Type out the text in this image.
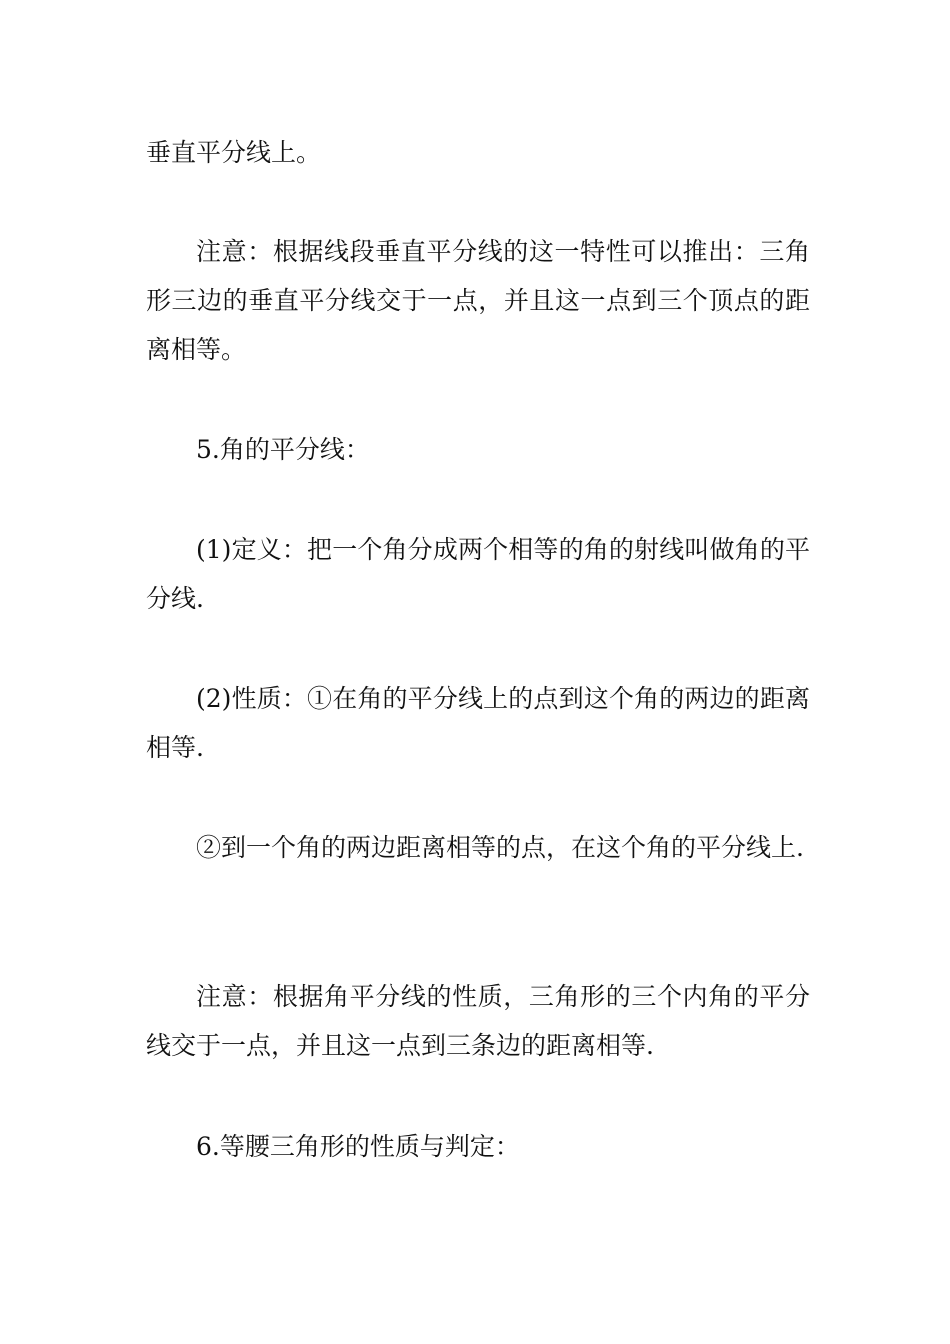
垂直平分线上。

注意：根据线段垂直平分线的这一特性可以推出：三角形三边的垂直平分线交于一点，并且这一点到三个顶点的距离相等。

5.角的平分线：

(1)定义：把一个角分成两个相等的角的射线叫做角的平分线.

(2)性质：①在角的平分线上的点到这个角的两边的距离相等.

②到一个角的两边距离相等的点，在这个角的平分线上.

注意：根据角平分线的性质，三角形的三个内角的平分线交于一点，并且这一点到三条边的距离相等.

6.等腰三角形的性质与判定：
